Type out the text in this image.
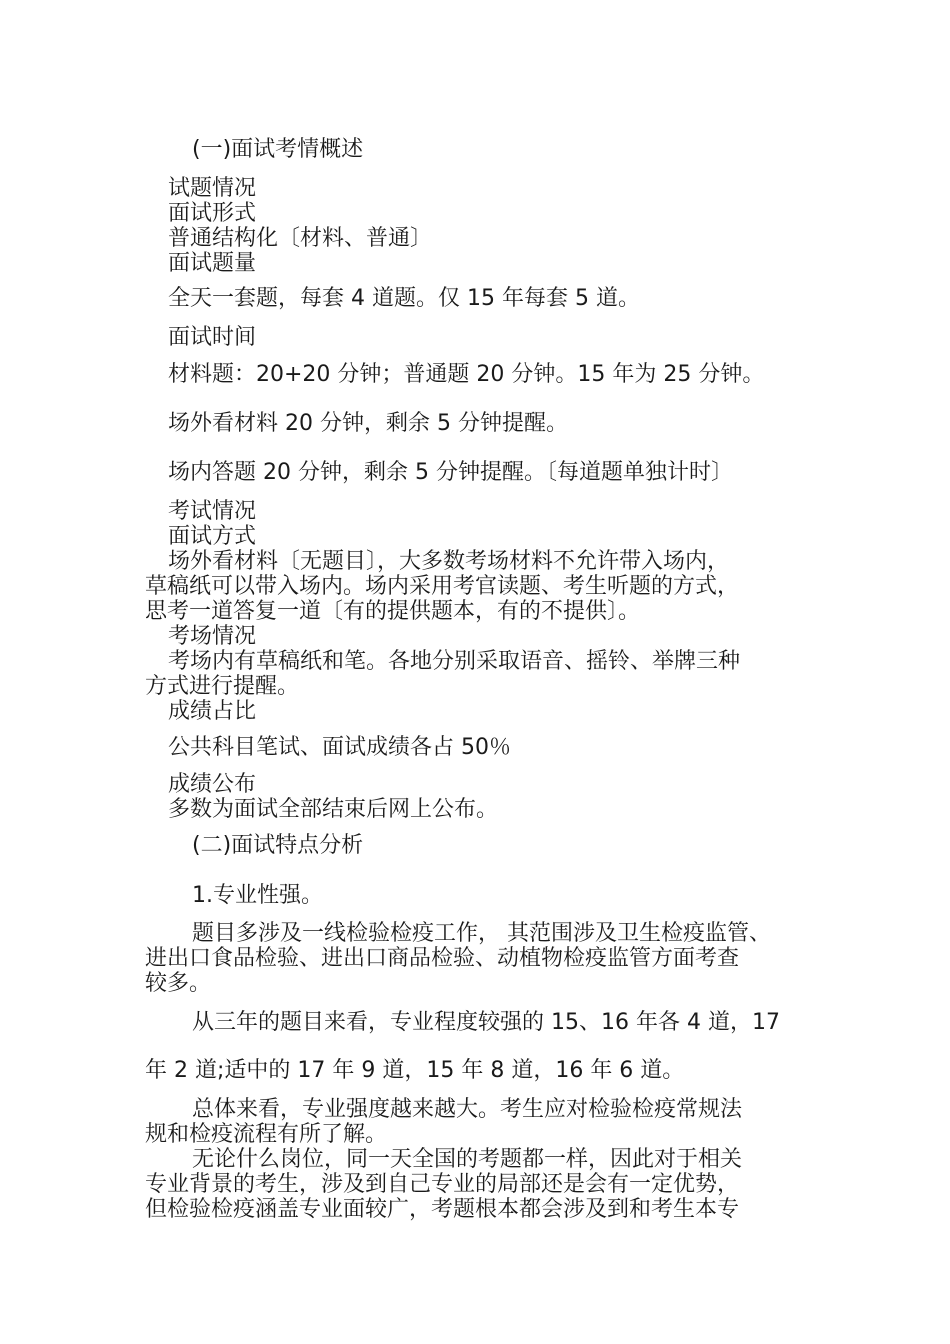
(一)面试考情概述

试题情况

面试形式

普通结构化〔材料、普通〕

面试题量

全天一套题，每套 4 道题。仅 15 年每套 5 道。

面试时间

材料题：20+20 分钟；普通题 20 分钟。15 年为 25 分钟。

场外看材料 20 分钟，剩余 5 分钟提醒。

场内答题 20 分钟，剩余 5 分钟提醒。〔每道题单独计时〕

考试情况

面试方式

场外看材料〔无题目〕，大多数考场材料不允许带入场内，

草稿纸可以带入场内。场内采用考官读题、考生听题的方式，

思考一道答复一道〔有的提供题本，有的不提供〕。

考场情况

考场内有草稿纸和笔。各地分别采取语音、摇铃、举牌三种

方式进行提醒。

成绩占比

公共科目笔试、面试成绩各占 50％

成绩公布

多数为面试全部结束后网上公布。

(二)面试特点分析

1.专业性强。

题目多涉及一线检验检疫工作， 其范围涉及卫生检疫监管、

进出口食品检验、进出口商品检验、动植物检疫监管方面考查

较多。

从三年的题目来看，专业程度较强的 15、16 年各 4 道，17

年 2 道;适中的 17 年 9 道，15 年 8 道，16 年 6 道。

总体来看，专业强度越来越大。考生应对检验检疫常规法

规和检疫流程有所了解。

无论什么岗位，同一天全国的考题都一样，因此对于相关

专业背景的考生，涉及到自己专业的局部还是会有一定优势，

但检验检疫涵盖专业面较广，考题根本都会涉及到和考生本专
